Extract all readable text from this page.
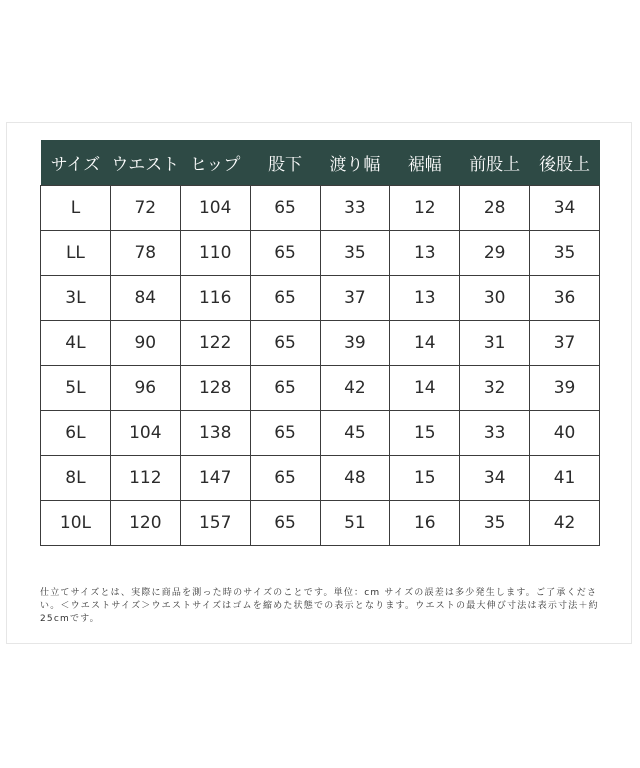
サイズ	ウエスト	ヒップ	股下	渡り幅	裾幅	前股上	後股上
L	72	104	65	33	12	28	34
LL	78	110	65	35	13	29	35
3L	84	116	65	37	13	30	36
4L	90	122	65	39	14	31	37
5L	96	128	65	42	14	32	39
6L	104	138	65	45	15	33	40
8L	112	147	65	48	15	34	41
10L	120	157	65	51	16	35	42

仕立てサイズとは、実際に商品を測った時のサイズのことです。単位：cm サイズの誤差は多少発生します。ご了承ください。＜ウエストサイズ＞ウエストサイズはゴムを縮めた状態での表示となります。ウエストの最大伸び寸法は表示寸法＋約25cmです。
